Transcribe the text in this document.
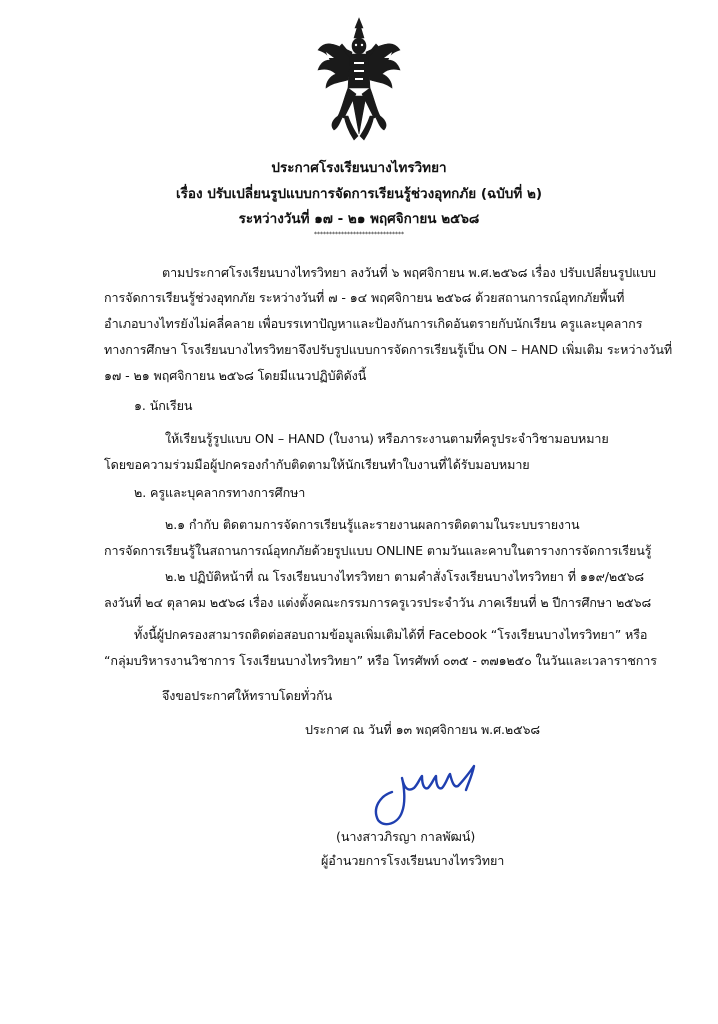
ประกาศโรงเรียนบางไทรวิทยา
เรื่อง ปรับเปลี่ยนรูปแบบการจัดการเรียนรู้ช่วงอุทกภัย (ฉบับที่ ๒)
ระหว่างวันที่ ๑๗ - ๒๑ พฤศจิกายน ๒๕๖๘
******************************
ตามประกาศโรงเรียนบางไทรวิทยา ลงวันที่ ๖ พฤศจิกายน พ.ศ.๒๕๖๘ เรื่อง ปรับเปลี่ยนรูปแบบ
การจัดการเรียนรู้ช่วงอุทกภัย ระหว่างวันที่ ๗ - ๑๔ พฤศจิกายน ๒๕๖๘ ด้วยสถานการณ์อุทกภัยพื้นที่
อำเภอบางไทรยังไม่คลี่คลาย เพื่อบรรเทาปัญหาและป้องกันการเกิดอันตรายกับนักเรียน ครูและบุคลากร
ทางการศึกษา โรงเรียนบางไทรวิทยาจึงปรับรูปแบบการจัดการเรียนรู้เป็น ON – HAND เพิ่มเติม ระหว่างวันที่
๑๗ - ๒๑ พฤศจิกายน ๒๕๖๘ โดยมีแนวปฏิบัติดังนี้
๑. นักเรียน
ให้เรียนรู้รูปแบบ ON – HAND (ใบงาน) หรือภาระงานตามที่ครูประจำวิชามอบหมาย
โดยขอความร่วมมือผู้ปกครองกำกับติดตามให้นักเรียนทำใบงานที่ได้รับมอบหมาย
๒. ครูและบุคลากรทางการศึกษา
๒.๑ กำกับ ติดตามการจัดการเรียนรู้และรายงานผลการติดตามในระบบรายงาน
การจัดการเรียนรู้ในสถานการณ์อุทกภัยด้วยรูปแบบ ONLINE ตามวันและคาบในตารางการจัดการเรียนรู้
๒.๒ ปฏิบัติหน้าที่ ณ โรงเรียนบางไทรวิทยา ตามคำสั่งโรงเรียนบางไทรวิทยา ที่ ๑๑๙/๒๕๖๘
ลงวันที่ ๒๔ ตุลาคม ๒๕๖๘ เรื่อง แต่งตั้งคณะกรรมการครูเวรประจำวัน ภาคเรียนที่ ๒ ปีการศึกษา ๒๕๖๘
ทั้งนี้ผู้ปกครองสามารถติดต่อสอบถามข้อมูลเพิ่มเติมได้ที่ Facebook “โรงเรียนบางไทรวิทยา” หรือ
“กลุ่มบริหารงานวิชาการ โรงเรียนบางไทรวิทยา” หรือ โทรศัพท์ ๐๓๕ - ๓๗๑๒๕๐ ในวันและเวลาราชการ
จึงขอประกาศให้ทราบโดยทั่วกัน
ประกาศ ณ วันที่ ๑๓ พฤศจิกายน พ.ศ.๒๕๖๘
(นางสาวภิรญา กาลพัฒน์)
ผู้อำนวยการโรงเรียนบางไทรวิทยา
